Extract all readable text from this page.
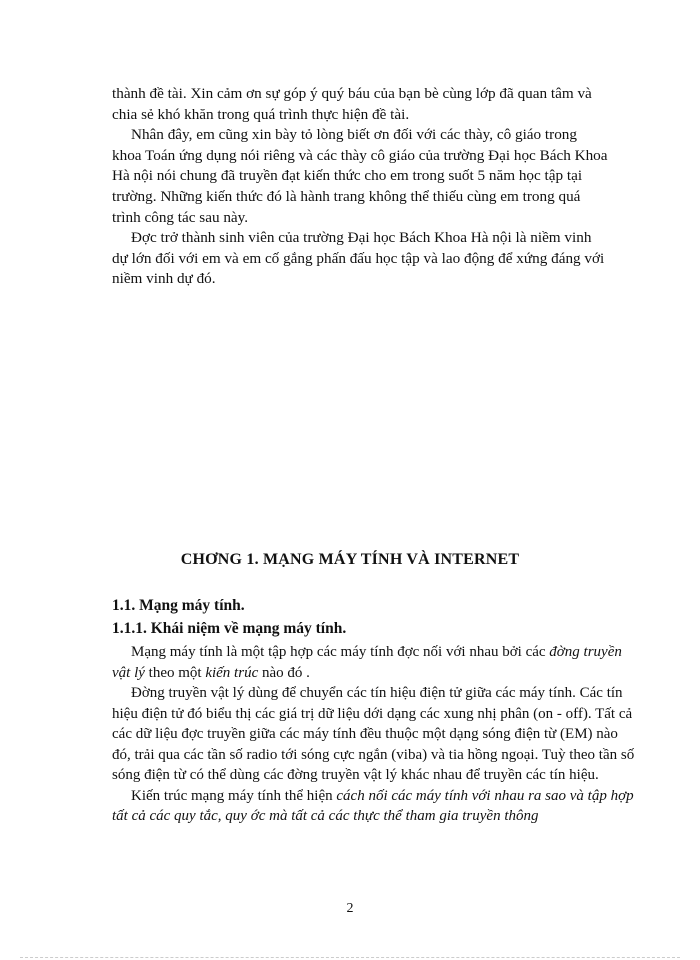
thành đề tài. Xin cảm ơn sự góp ý quý báu của bạn bè cùng lớp đã quan tâm và
chia sẻ khó khăn trong quá trình thực hiện đề tài.

Nhân đây, em cũng xin bày tỏ lòng biết ơn đối với các thày, cô giáo trong
khoa Toán ứng dụng nói riêng và các thày cô giáo của trường Đại học Bách Khoa
Hà nội nói chung đã truyền đạt kiến thức cho em trong suốt 5 năm học tập tại
trường. Những kiến thức đó là hành trang không thể thiếu cùng em trong quá
trình công tác sau này.

Đợc trở thành sinh viên của trường Đại học Bách Khoa Hà nội là niềm vinh
dự lớn đối với em và em cố gắng phấn đấu học tập và lao động để xứng đáng với
niềm vinh dự đó.

CHƠNG 1. MẠNG MÁY TÍNH VÀ INTERNET
1.1. Mạng máy tính.
1.1.1. Khái niệm về mạng máy tính.

Mạng máy tính là một tập hợp các máy tính đợc nối với nhau bởi các đờng truyền vật lý theo một kiến trúc nào đó .

Đờng truyền vật lý dùng để chuyển các tín hiệu điện tử giữa các máy tính. Các tín hiệu điện tử đó biểu thị các giá trị dữ liệu dới dạng các xung nhị phân (on - off). Tất cả các dữ liệu đợc truyền giữa các máy tính đều thuộc một dạng sóng điện từ (EM) nào đó, trải qua các tần số radio tới sóng cực ngắn (viba) và tia hồng ngoại. Tuỳ theo tần số sóng điện từ có thể dùng các đờng truyền vật lý khác nhau để truyền các tín hiệu.

Kiến trúc mạng máy tính thể hiện cách nối các máy tính với nhau ra sao và tập hợp tất cả các quy tắc, quy ớc mà tất cả các thực thể tham gia truyền thông

2
